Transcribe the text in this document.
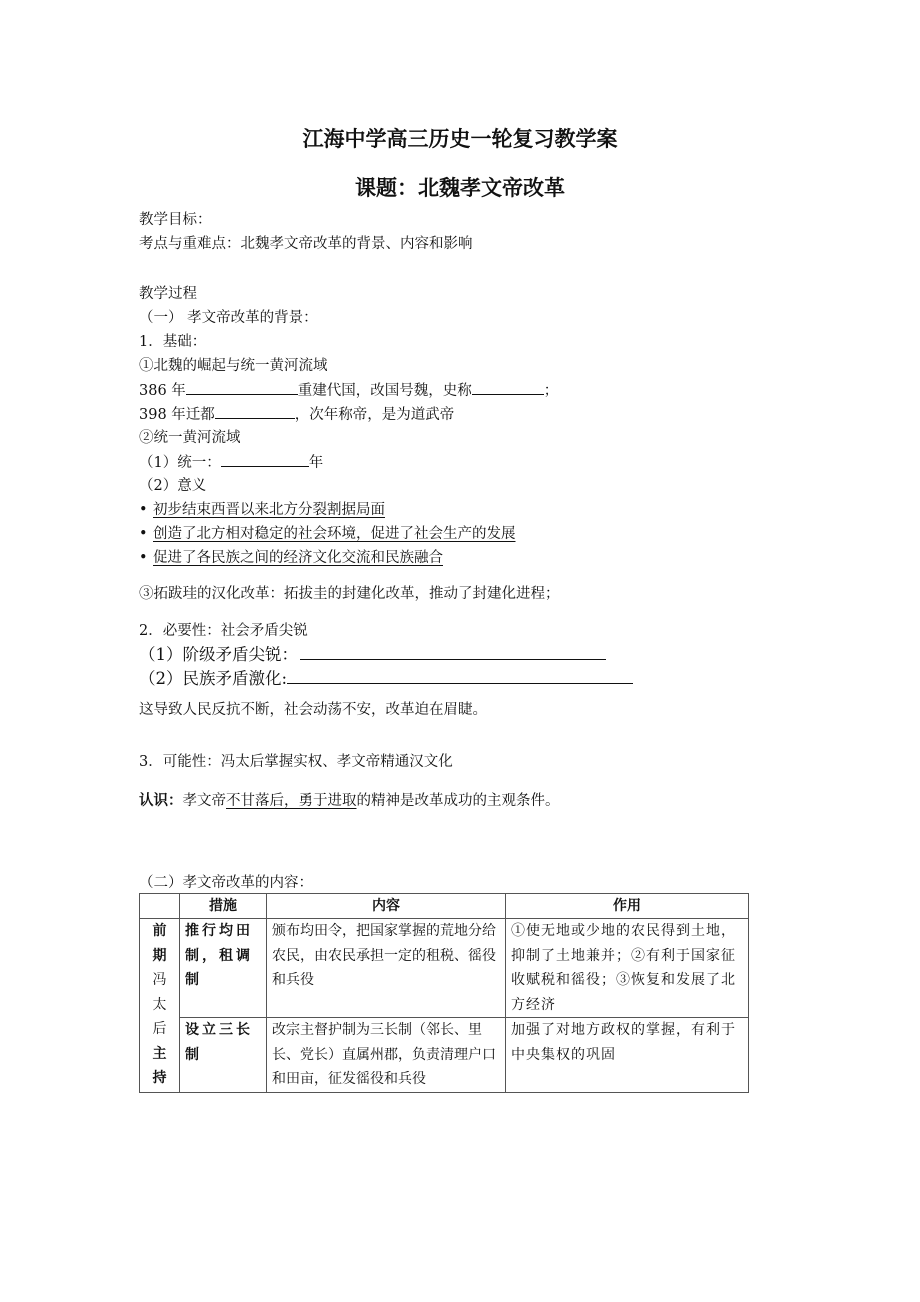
江海中学高三历史一轮复习教学案
课题：北魏孝文帝改革
教学目标：
考点与重难点：北魏孝文帝改革的背景、内容和影响
教学过程
（一） 孝文帝改革的背景：
1．基础：
①北魏的崛起与统一黄河流域
386 年	重建代国，改国号魏，史称	；
398 年迁都	，次年称帝，是为道武帝
②统一黄河流域
（1）统一：	年
（2）意义
• 初步结束西晋以来北方分裂割据局面
• 创造了北方相对稳定的社会环境，促进了社会生产的发展
• 促进了各民族之间的经济文化交流和民族融合
③拓跋珪的汉化改革：拓拔圭的封建化改革，推动了封建化进程；
2．必要性：社会矛盾尖锐
（1）阶级矛盾尖锐：
（2）民族矛盾激化:
这导致人民反抗不断，社会动荡不安，改革迫在眉睫。
3．可能性：冯太后掌握实权、孝文帝精通汉文化
认识：孝文帝不甘落后，勇于进取的精神是改革成功的主观条件。
（二）孝文帝改革的内容：
	措施	内容	作用

前
期
冯
太
后
主
持
	推行均田制，租调制	颁布均田令，把国家掌握的荒地分给农民，由农民承担一定的租税、徭役和兵役	①使无地或少地的农民得到土地，抑制了土地兼并；②有利于国家征收赋税和徭役；③恢复和发展了北方经济
	设立三长制	改宗主督护制为三长制（邻长、里长、党长）直属州郡，负责清理户口和田亩，征发徭役和兵役	加强了对地方政权的掌握，有利于中央集权的巩固
